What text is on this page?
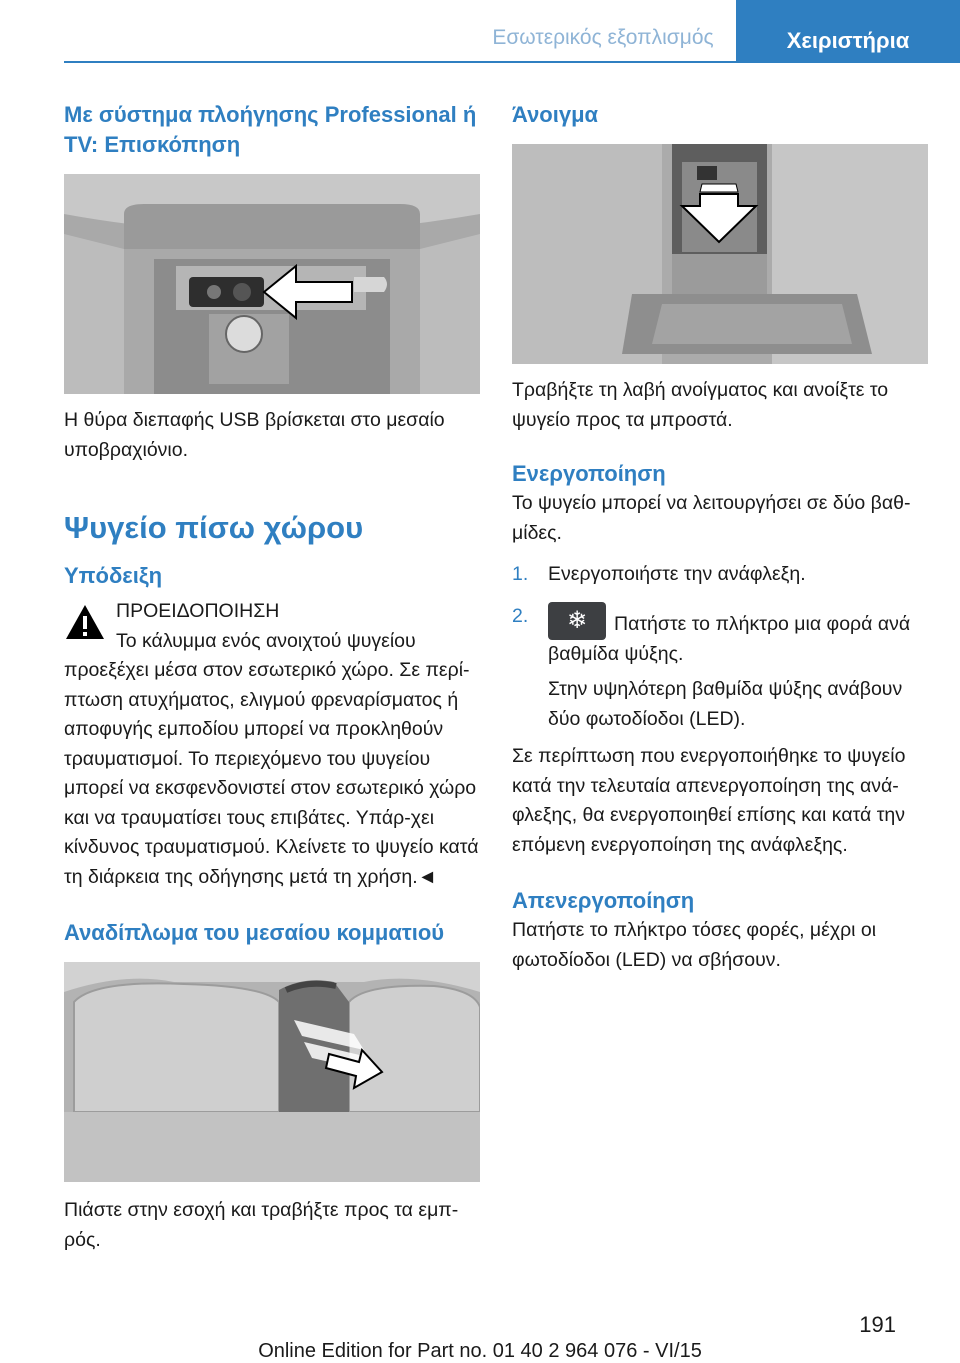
Εσωτερικός εξοπλισμός	Χειριστήρια
Με σύστημα πλοήγησης Professional ή TV: Επισκόπηση

Η θύρα διεπαφής USB βρίσκεται στο μεσαίο υποβραχιόνιο.

Ψυγείο πίσω χώρου
Υπόδειξη

ΠΡΟΕΙΔΟΠΟΙΗΣΗ

Το κάλυμμα ενός ανοιχτού ψυγείου

προεξέχει μέσα στον εσωτερικό χώρο. Σε περί-πτωση ατυχήματος, ελιγμού φρεναρίσματος ή αποφυγής εμποδίου μπορεί να προκληθούν τραυματισμοί. Το περιεχόμενο του ψυγείου μπορεί να εκσφενδονιστεί στον εσωτερικό χώρο και να τραυματίσει τους επιβάτες. Υπάρ-χει κίνδυνος τραυματισμού. Κλείνετε το ψυγείο κατά τη διάρκεια της οδήγησης μετά τη χρήση.◄

Αναδίπλωμα του μεσαίου κομματιού

Πιάστε στην εσοχή και τραβήξτε προς τα εμπ-ρός.

Άνοιγμα

Τραβήξτε τη λαβή ανοίγματος και ανοίξτε το ψυγείο προς τα μπροστά.

Ενεργοποίηση

Το ψυγείο μπορεί να λειτουργήσει σε δύο βαθ-μίδες.

1. Ενεργοποιήστε την ανάφλεξη.
2.	❄	Πατήστε το πλήκτρο μια φορά ανά βαθμίδα ψύξης.
Στην υψηλότερη βαθμίδα ψύξης ανάβουν δύο φωτοδίοδοι (LED).

Σε περίπτωση που ενεργοποιήθηκε το ψυγείο κατά την τελευταία απενεργοποίηση της ανά-φλεξης, θα ενεργοποιηθεί επίσης και κατά την επόμενη ενεργοποίηση της ανάφλεξης.

Απενεργοποίηση

Πατήστε το πλήκτρο τόσες φορές, μέχρι οι φωτοδίοδοι (LED) να σβήσουν.

191
Online Edition for Part no. 01 40 2 964 076 - VI/15
